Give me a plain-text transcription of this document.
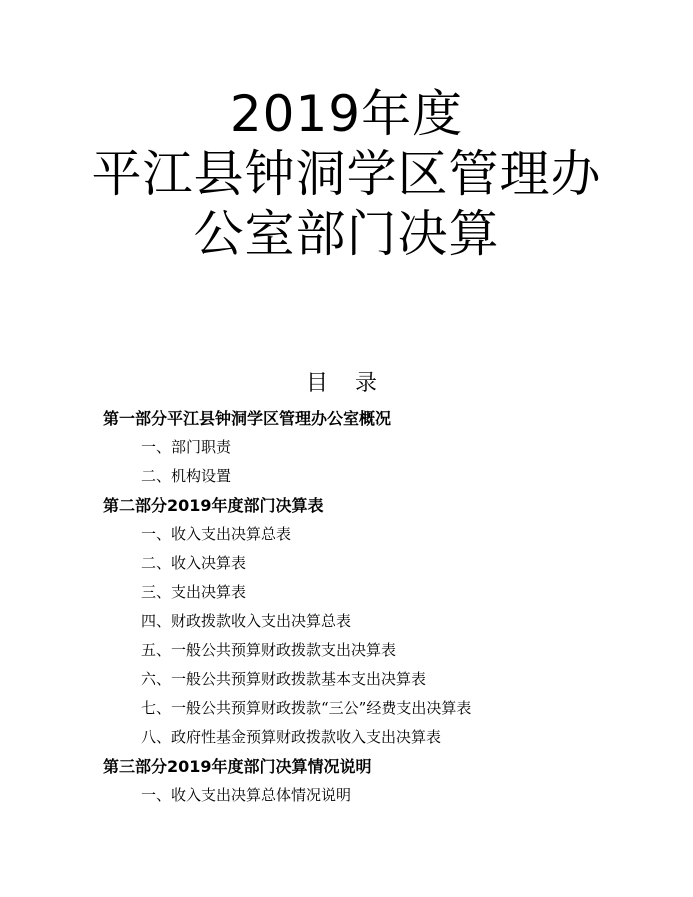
2019年度
平江县钟洞学区管理办
公室部门决算
目 录
第一部分平江县钟洞学区管理办公室概况
一、部门职责
二、机构设置
第二部分2019年度部门决算表
一、收入支出决算总表
二、收入决算表
三、支出决算表
四、财政拨款收入支出决算总表
五、一般公共预算财政拨款支出决算表
六、一般公共预算财政拨款基本支出决算表
七、一般公共预算财政拨款“三公”经费支出决算表
八、政府性基金预算财政拨款收入支出决算表
第三部分2019年度部门决算情况说明
一、收入支出决算总体情况说明
